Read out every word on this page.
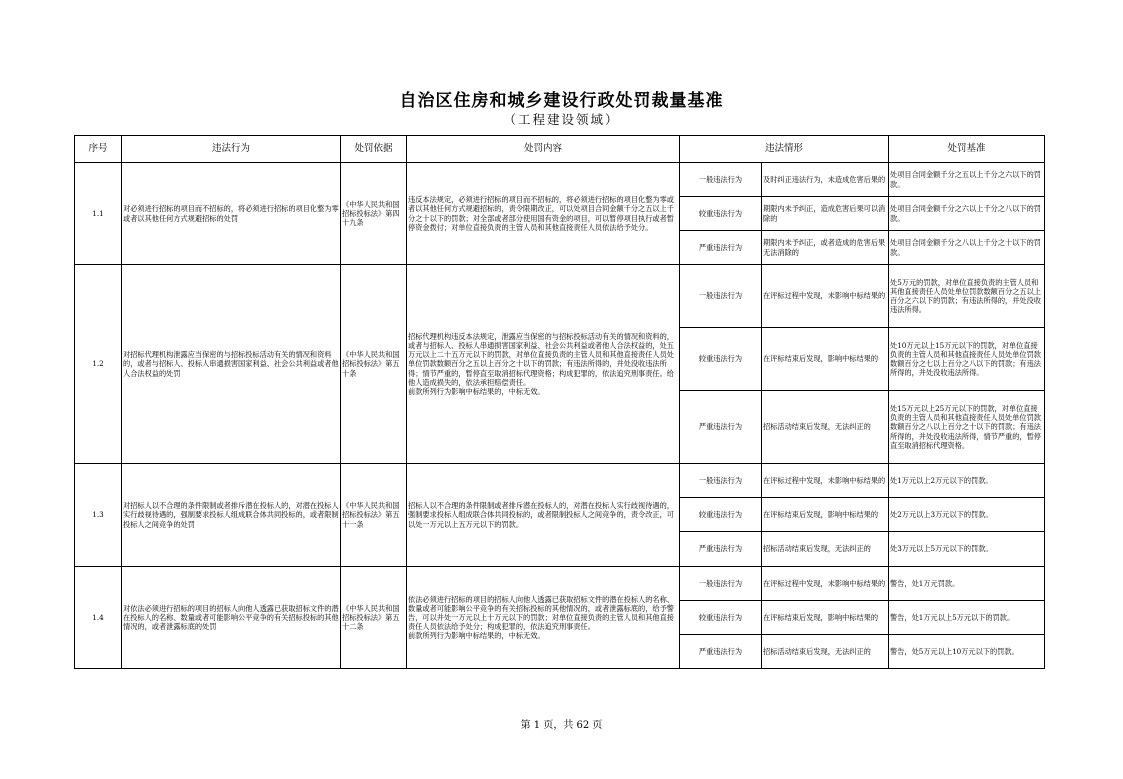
自治区住房和城乡建设行政处罚裁量基准
（工程建设领域）
序号	违法行为	处罚依据	处罚内容	违法情形		处罚基准
1.1	对必须进行招标的项目而不招标的，将必须进行招标的项目化整为零或者以其他任何方式规避招标的处罚	《中华人民共和国招标投标法》第四十九条	违反本法规定，必须进行招标的项目而不招标的，将必须进行招标的项目化整为零或者以其他任何方式规避招标的，责令限期改正，可以处项目合同金额千分之五以上千分之十以下的罚款；对全部或者部分使用国有资金的项目，可以暂停项目执行或者暂停资金拨付；对单位直接负责的主管人员和其他直接责任人员依法给予处分。	一般违法行为	及时纠正违法行为，未造成危害后果的	处项目合同金额千分之五以上千分之六以下的罚款。
				较重违法行为	期限内未予纠正，造成危害后果可以消除的	处项目合同金额千分之六以上千分之八以下的罚款。
				严重违法行为	期限内未予纠正，或者造成的危害后果无法消除的	处项目合同金额千分之八以上千分之十以下的罚款。
1.2	对招标代理机构泄露应当保密的与招标投标活动有关的情况和资料的，或者与招标人、投标人串通损害国家利益、社会公共利益或者他人合法权益的处罚	《中华人民共和国招标投标法》第五十条	招标代理机构违反本法规定，泄露应当保密的与招标投标活动有关的情况和资料的，或者与招标人、投标人串通损害国家利益、社会公共利益或者他人合法权益的，处五万元以上二十五万元以下的罚款，对单位直接负责的主管人员和其他直接责任人员处单位罚款数额百分之五以上百分之十以下的罚款；有违法所得的，并处没收违法所得；情节严重的，暂停直至取消招标代理资格；构成犯罪的，依法追究刑事责任。给他人造成损失的，依法承担赔偿责任。
前款所列行为影响中标结果的，中标无效。	一般违法行为	在评标过程中发现，未影响中标结果的	处5万元的罚款，对单位直接负责的主管人员和其他直接责任人员处单位罚款数额百分之五以上百分之六以下的罚款；有违法所得的，并处没收违法所得。
				较重违法行为	在评标结束后发现，影响中标结果的	处10万元以上15万元以下的罚款，对单位直接负责的主管人员和其他直接责任人员处单位罚款数额百分之七以上百分之八以下的罚款；有违法所得的，并处没收违法所得。
				严重违法行为	招标活动结束后发现，无法纠正的	处15万元以上25万元以下的罚款，对单位直接负责的主管人员和其他直接责任人员处单位罚款数额百分之八以上百分之十以下的罚款；有违法所得的，并处没收违法所得，情节严重的，暂停直至取消招标代理资格。
1.3	对招标人以不合理的条件限制或者排斥潜在投标人的，对潜在投标人实行歧视待遇的，强制要求投标人组成联合体共同投标的，或者限制投标人之间竞争的处罚	《中华人民共和国招标投标法》第五十一条	招标人以不合理的条件限制或者排斥潜在投标人的，对潜在投标人实行歧视待遇的，强制要求投标人组成联合体共同投标的，或者限制投标人之间竞争的，责令改正，可以处一万元以上五万元以下的罚款。	一般违法行为	在评标过程中发现，未影响中标结果的	处1万元以上2万元以下的罚款。
				较重违法行为	在评标结束后发现，影响中标结果的	处2万元以上3万元以下的罚款。
				严重违法行为	招标活动结束后发现，无法纠正的	处3万元以上5万元以下的罚款。
1.4	对依法必须进行招标的项目的招标人向他人透露已获取招标文件的潜在投标人的名称、数量或者可能影响公平竞争的有关招标投标的其他情况的，或者泄露标底的处罚	《中华人民共和国招标投标法》第五十二条	依法必须进行招标的项目的招标人向他人透露已获取招标文件的潜在投标人的名称、数量或者可能影响公平竞争的有关招标投标的其他情况的，或者泄露标底的，给予警告，可以并处一万元以上十万元以下的罚款；对单位直接负责的主管人员和其他直接责任人员依法给予处分；构成犯罪的，依法追究刑事责任。
前款所列行为影响中标结果的，中标无效。	一般违法行为	在评标过程中发现，未影响中标结果的	警告，处1万元罚款。
				较重违法行为	在评标结束后发现，影响中标结果的	警告，处1万元以上5万元以下的罚款。
				严重违法行为	招标活动结束后发现，无法纠正的	警告，处5万元以上10万元以下的罚款。
第 1 页，共 62 页
